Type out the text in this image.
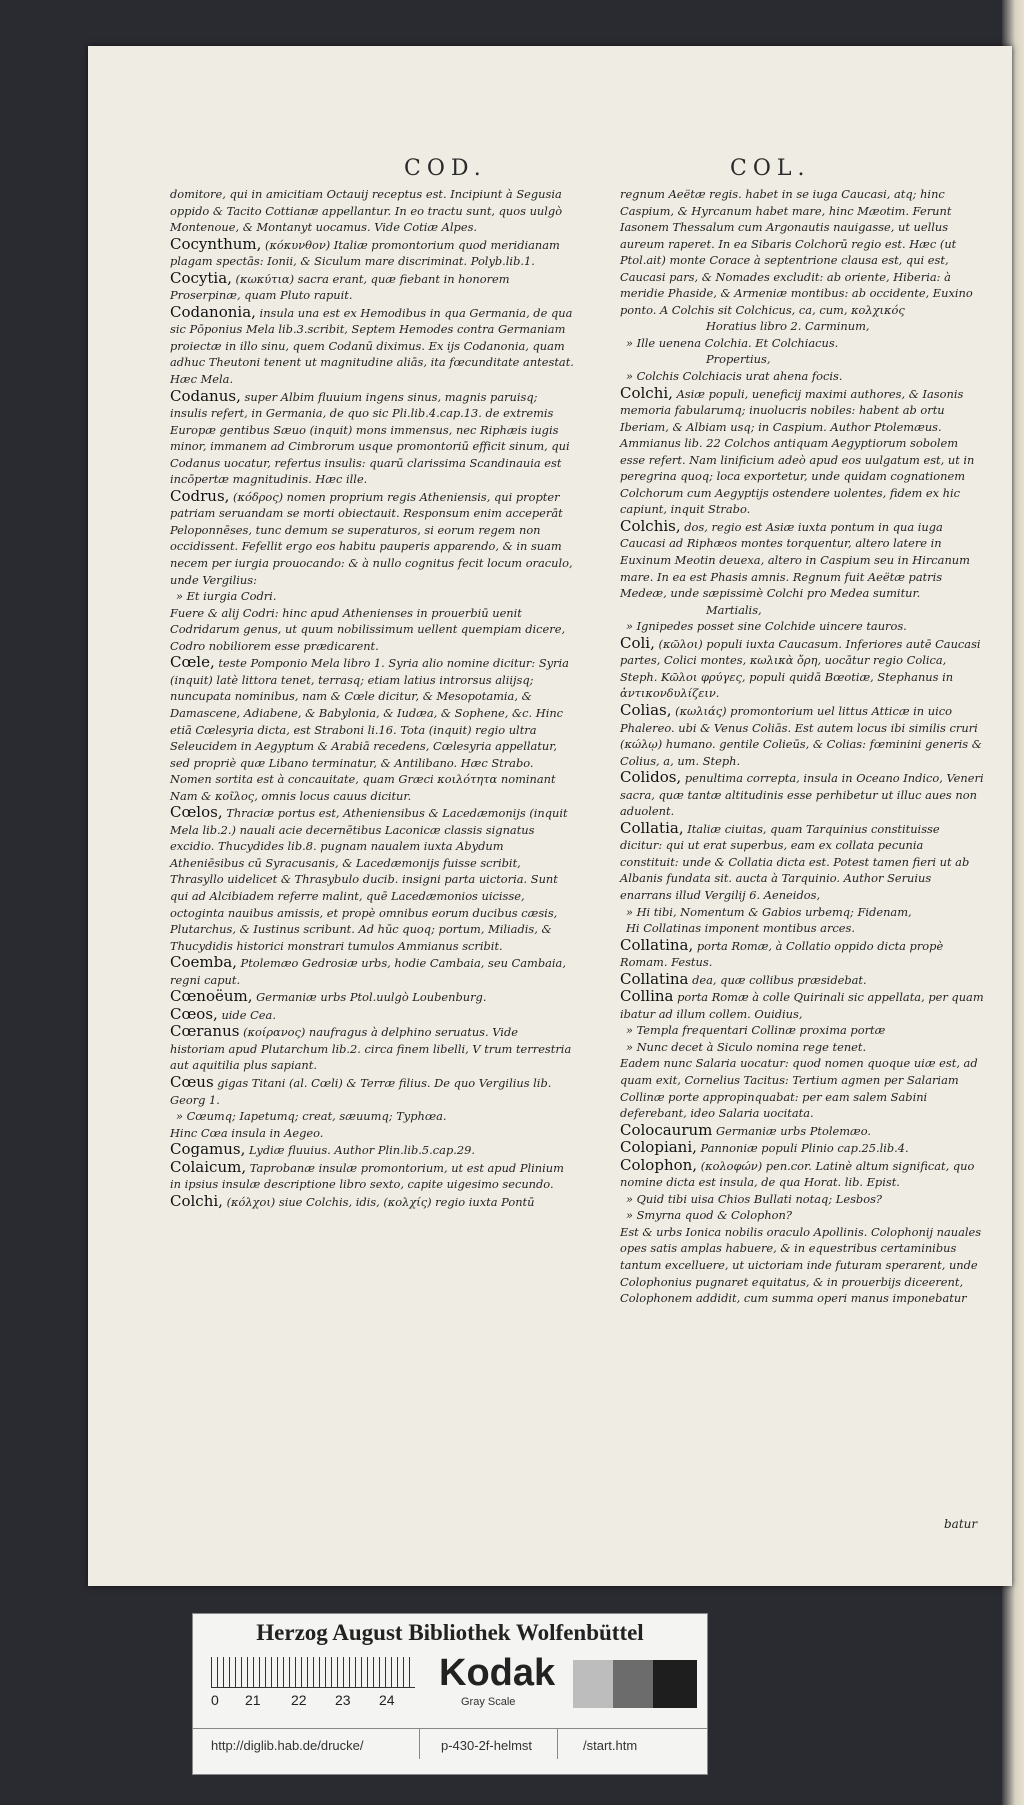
COD.	COL.

domitore, qui in amicitiam Octauij receptus est. Incipiunt à Segusia oppido & Tacito Cottianæ appellantur. In eo tractu sunt, quos uulgò Montenoue, & Montanyt uocamus. Vide Cotiæ Alpes.

Cocynthum, (κόκυνθον) Italiæ promontorium quod meridianam plagam spectās: Ionii, & Siculum mare discriminat. Polyb.lib.1.

Cocytia, (κωκύτια) sacra erant, quæ fiebant in honorem Proserpinæ, quam Pluto rapuit.

Codanonia, insula una est ex Hemodibus in qua Germania, de qua sic Pōponius Mela lib.3.scribit, Septem Hemodes contra Germaniam proiectæ in illo sinu, quem Codanū diximus. Ex ijs Codanonia, quam adhuc Theutoni tenent ut magnitudine aliās, ita fœcunditate antestat. Hæc Mela.

Codanus, super Albim fluuium ingens sinus, magnis paruisq; insulis refert, in Germania, de quo sic Pli.lib.4.cap.13. de extremis Europæ gentibus Sæuo (inquit) mons immensus, nec Riphæis iugis minor, immanem ad Cimbrorum usque promontoriū efficit sinum, qui Codanus uocatur, refertus insulis: quarū clarissima Scandinauia est incōpertæ magnitudinis. Hæc ille.

Codrus, (κόδρος) nomen proprium regis Atheniensis, qui propter patriam seruandam se morti obiectauit. Responsum enim acceperāt Peloponnēses, tunc demum se superaturos, si eorum regem non occidissent. Fefellit ergo eos habitu pauperis apparendo, & in suam necem per iurgia prouocando: & à nullo cognitus fecit locum oraculo, unde Vergilius:

» Et iurgia Codri.

Fuere & alij Codri: hinc apud Athenienses in prouerbiū uenit Codridarum genus, ut quum nobilissimum uellent quempiam dicere, Codro nobiliorem esse prædicarent.

Cœle, teste Pomponio Mela libro 1. Syria alio nomine dicitur: Syria (inquit) latè littora tenet, terrasq; etiam latius introrsus aliijsq; nuncupata nominibus, nam & Cœle dicitur, & Mesopotamia, & Damascene, Adiabene, & Babylonia, & Iudæa, & Sophene, &c. Hinc etiā Cœlesyria dicta, est Straboni li.16. Tota (inquit) regio ultra Seleucidem in Aegyptum & Arabiā recedens, Cœlesyria appellatur, sed propriè quæ Libano terminatur, & Antilibano. Hæc Strabo. Nomen sortita est à concauitate, quam Græci κοιλότητα nominant Nam & κοῖλος, omnis locus cauus dicitur.

Cœlos, Thraciæ portus est, Atheniensibus & Lacedæmonijs (inquit Mela lib.2.) nauali acie decernētibus Laconicæ classis signatus excidio. Thucydides lib.8. pugnam naualem iuxta Abydum Atheniēsibus cū Syracusanis, & Lacedæmonijs fuisse scribit, Thrasyllo uidelicet & Thrasybulo ducib. insigni parta uictoria. Sunt qui ad Alcibiadem referre malint, quē Lacedæmonios uicisse, octoginta nauibus amissis, et propè omnibus eorum ducibus cæsis, Plutarchus, & Iustinus scribunt. Ad hūc quoq; portum, Miliadis, & Thucydidis historici monstrari tumulos Ammianus scribit.

Coemba, Ptolemæo Gedrosiæ urbs, hodie Cambaia, seu Cambaia, regni caput.

Cœnoëum, Germaniæ urbs Ptol.uulgò Loubenburg.

Cœos, uide Cea.

Cœranus (κοίρανος) naufragus à delphino seruatus. Vide historiam apud Plutarchum lib.2. circa finem libelli, V trum terrestria aut aquitilia plus sapiant.

Cœus gigas Titani (al. Cœli) & Terræ filius. De quo Vergilius lib. Georg 1.

» Cœumq; Iapetumq; creat, sæuumq; Typhœa.

Hinc Cœa insula in Aegeo.

Cogamus, Lydiæ fluuius. Author Plin.lib.5.cap.29.

Colaicum, Taprobanæ insulæ promontorium, ut est apud Plinium in ipsius insulæ descriptione libro sexto, capite uigesimo secundo.

Colchi, (κόλχοι) siue Colchis, idis, (κολχίς) regio iuxta Pontū

regnum Aeëtæ regis. habet in se iuga Caucasi, atq; hinc Caspium, & Hyrcanum habet mare, hinc Mæotim. Ferunt Iasonem Thessalum cum Argonautis nauigasse, ut uellus aureum raperet. In ea Sibaris Colchorū regio est. Hæc (ut Ptol.ait) monte Corace à septentrione clausa est, qui est, Caucasi pars, & Nomades excludit: ab oriente, Hiberia: à meridie Phaside, & Armeniæ montibus: ab occidente, Euxino ponto. A Colchis sit Colchicus, ca, cum, κολχικός

Horatius libro 2. Carminum,

» Ille uenena Colchia. Et Colchiacus.

Propertius,

» Colchis Colchiacis urat ahena focis.

Colchi, Asiæ populi, ueneficij maximi authores, & Iasonis memoria fabularumq; inuolucris nobiles: habent ab ortu Iberiam, & Albiam usq; in Caspium. Author Ptolemæus. Ammianus lib. 22 Colchos antiquam Aegyptiorum sobolem esse refert. Nam linificium adeò apud eos uulgatum est, ut in peregrina quoq; loca exportetur, unde quidam cognationem Colchorum cum Aegyptijs ostendere uolentes, fidem ex hic capiunt, inquit Strabo.

Colchis, dos, regio est Asiæ iuxta pontum in qua iuga Caucasi ad Riphæos montes torquentur, altero latere in Euxinum Meotin deuexa, altero in Caspium seu in Hircanum mare. In ea est Phasis amnis. Regnum fuit Aeëtæ patris Medeæ, unde sæpissimè Colchi pro Medea sumitur.

Martialis,

» Ignipedes posset sine Colchide uincere tauros.

Coli, (κῶλοι) populi iuxta Caucasum. Inferiores autē Caucasi partes, Colici montes, κωλικὰ ὄρη, uocātur regio Colica, Steph. Κῶλοι φρύγες, populi quidā Bœotiæ, Stephanus in ἀντικονδυλίζειν.

Colias, (κωλιάς) promontorium uel littus Atticæ in uico Phalereo. ubi & Venus Coliās. Est autem locus ibi similis cruri (κώλῳ) humano. gentile Colieūs, & Colias: fœminini generis & Colius, a, um. Steph.

Colidos, penultima correpta, insula in Oceano Indico, Veneri sacra, quæ tantæ altitudinis esse perhibetur ut illuc aues non aduolent.

Collatia, Italiæ ciuitas, quam Tarquinius constituisse dicitur: qui ut erat superbus, eam ex collata pecunia constituit: unde & Collatia dicta est. Potest tamen fieri ut ab Albanis fundata sit. aucta à Tarquinio. Author Seruius enarrans illud Vergilij 6. Aeneidos,

» Hi tibi, Nomentum & Gabios urbemq; Fidenam,

Hi Collatinas imponent montibus arces.

Collatina, porta Romæ, à Collatio oppido dicta propè Romam. Festus.

Collatina dea, quæ collibus præsidebat.

Collina porta Romæ à colle Quirinali sic appellata, per quam ibatur ad illum collem. Ouidius,

» Templa frequentari Collinæ proxima portæ

» Nunc decet à Siculo nomina rege tenet.

Eadem nunc Salaria uocatur: quod nomen quoque uiæ est, ad quam exit, Cornelius Tacitus: Tertium agmen per Salariam Collinæ porte appropinquabat: per eam salem Sabini deferebant, ideo Salaria uocitata.

Colocaurum Germaniæ urbs Ptolemæo.

Colopiani, Pannoniæ populi Plinio cap.25.lib.4.

Colophon, (κολοφών) pen.cor. Latinè altum significat, quo nomine dicta est insula, de qua Horat. lib. Epist.

» Quid tibi uisa Chios Bullati notaq; Lesbos?

» Smyrna quod & Colophon?

Est & urbs Ionica nobilis oraculo Apollinis. Colophonij nauales opes satis amplas habuere, & in equestribus certaminibus tantum excelluere, ut uictoriam inde futuram sperarent, unde Colophonius pugnaret equitatus, & in prouerbijs diceerent, Colophonem addidit, cum summa operi manus imponebatur

batur
Herzog August Bibliothek Wolfenbüttel
0 21 22 23 24
Kodak
Gray Scale
http://diglib.hab.de/drucke/	p-430-2f-helmst	/start.htm
